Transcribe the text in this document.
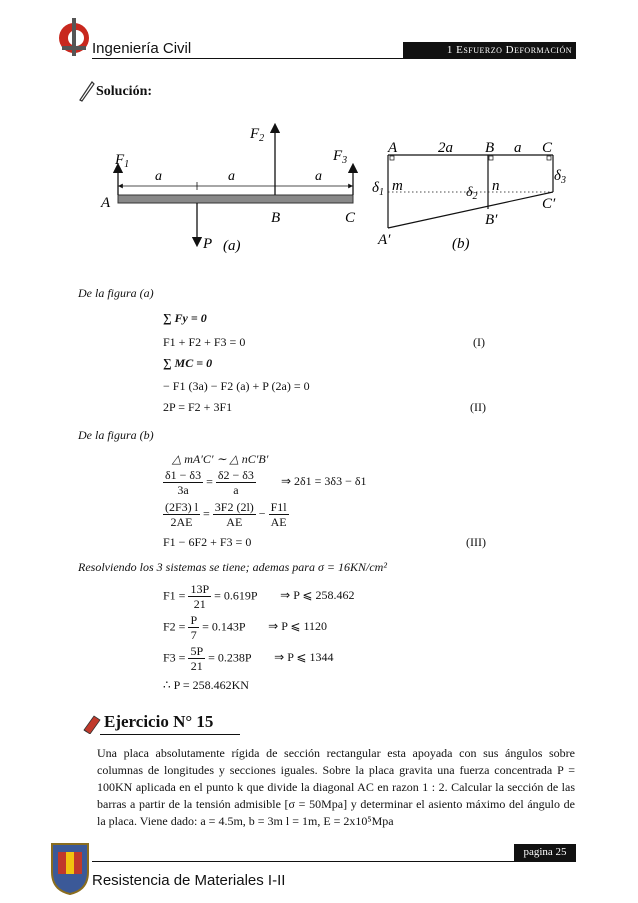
Ingeniería Civil	1 Esfuerzo Deformación
Solución:
$F_1$
$F_2$
$F_3$
a	a	a
A
B	C
P (a)
A	2a B a C
$\delta_1$ m	$\delta_2$
n
$\delta_3$
C′
B′
A′	(b)
De la figura (a)
∑ Fy = 0
F1 + F2 + F3 = 0	(I)
∑ MC = 0
− F1 (3a) − F2 (a) + P (2a) = 0
2P = F2 + 3F1	(II)
De la figura (b)
△ mA′C′ ∼ △ nC′B′
$\frac{\delta 1 - \delta 3}{3a} = \frac{\delta 2 - \delta 3}{a}$ ⇒ 2δ1 = 3δ3 − δ1
$\frac{(2F3) l}{2AE} = \frac{3F2 (2l)}{AE} - \frac{F1l}{AE}$
F1 − 6F2 + F3 = 0	(III)
Resolviendo los 3 sistemas se tiene; ademas para σ = 16KN/cm²
$F1 = \frac{13P}{21} = 0.619P$ ⇒ P ⩽ 258.462
$F2 = \frac{P}{7} = 0.143P$ ⇒ P ⩽ 1120
$F3 = \frac{5P}{21} = 0.238P$ ⇒ P ⩽ 1344
∴ P = 258.462KN
Ejercicio N° 15
Una placa absolutamente rígida de sección rectangular esta apoyada con sus ángulos sobre columnas de longitudes y secciones iguales. Sobre la placa gravita una fuerza concentrada P = 100KN aplicada en el punto k que divide la diagonal AC en razon 1 : 2. Calcular la sección de las barras a partir de la tensión admisible [σ = 50Mpa] y determinar el asiento máximo del ángulo de la placa. Viene dado: a = 4.5m, b = 3m l = 1m, E = 2x10⁵Mpa
pagina 25
Resistencia de Materiales I-II
